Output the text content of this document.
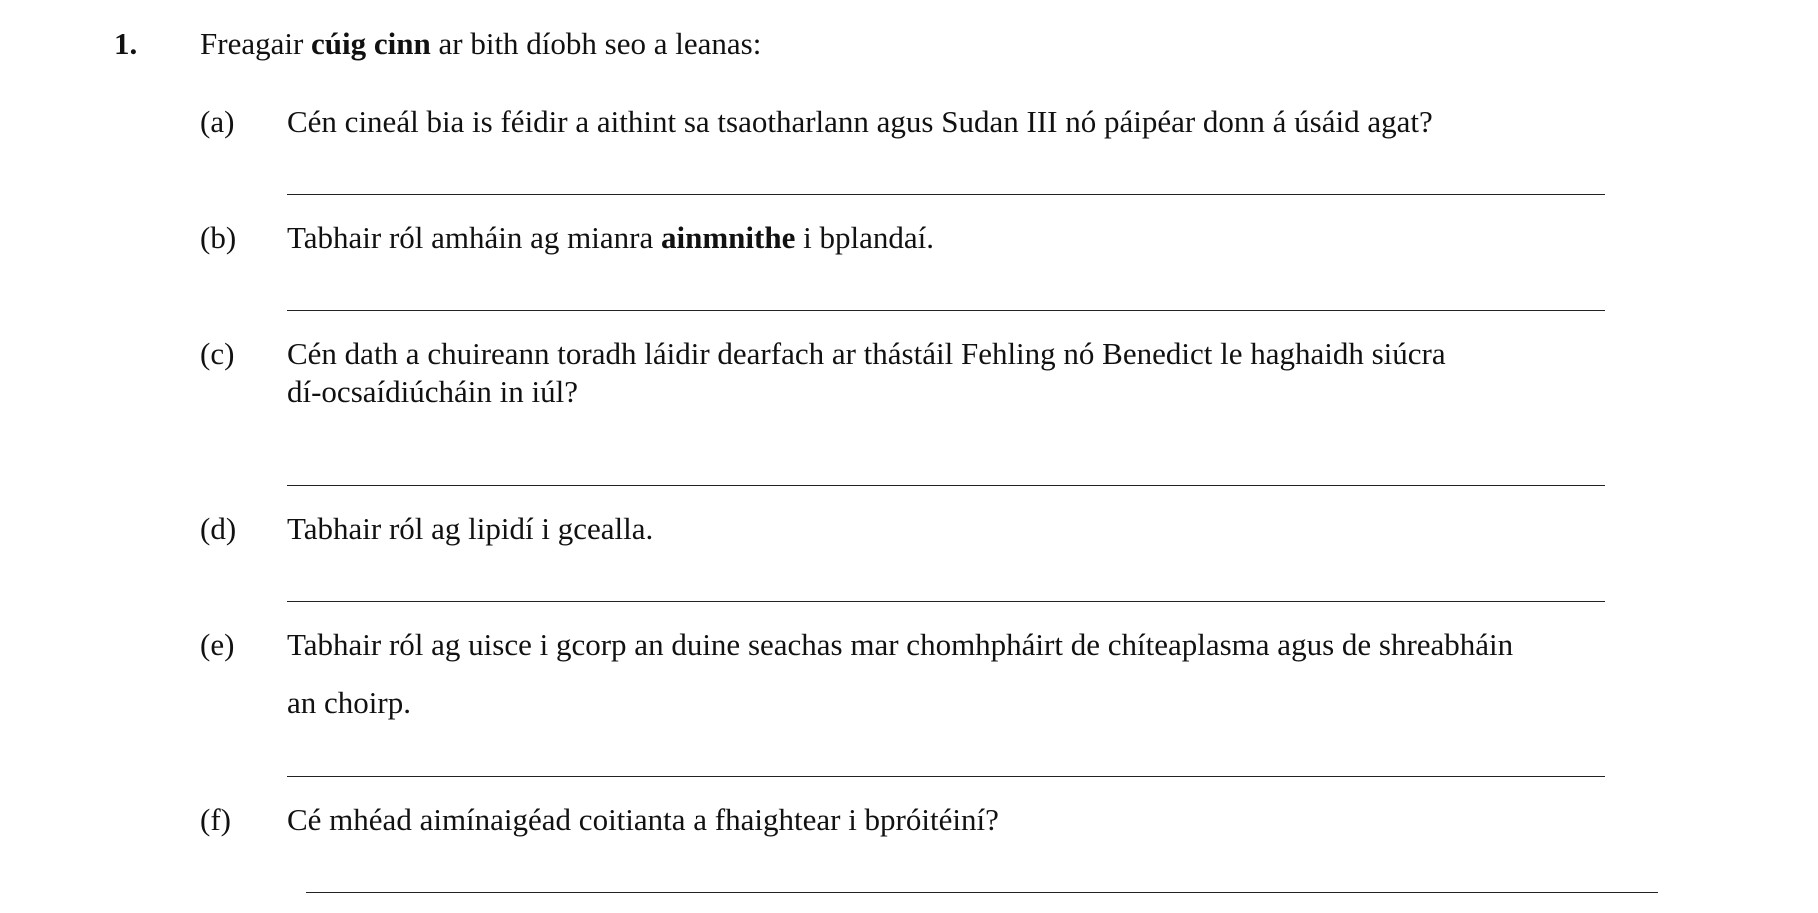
1. Freagair cúig cinn ar bith díobh seo a leanas:
(a) Cén cineál bia is féidir a aithint sa tsaotharlann agus Sudan III nó páipéar donn á úsáid agat?
(b) Tabhair ról amháin ag mianra ainmnithe i bplandaí.
(c) Cén dath a chuireann toradh láidir dearfach ar thástáil Fehling nó Benedict le haghaidh siúcra
dí-ocsaídiúcháin in iúl?
(d) Tabhair ról ag lipidí i gcealla.
(e) Tabhair ról ag uisce i gcorp an duine seachas mar chomhpháirt de chíteaplasma agus de shreabháin
an choirp.
(f) Cé mhéad aimínaigéad coitianta a fhaightear i bpróitéiní?
